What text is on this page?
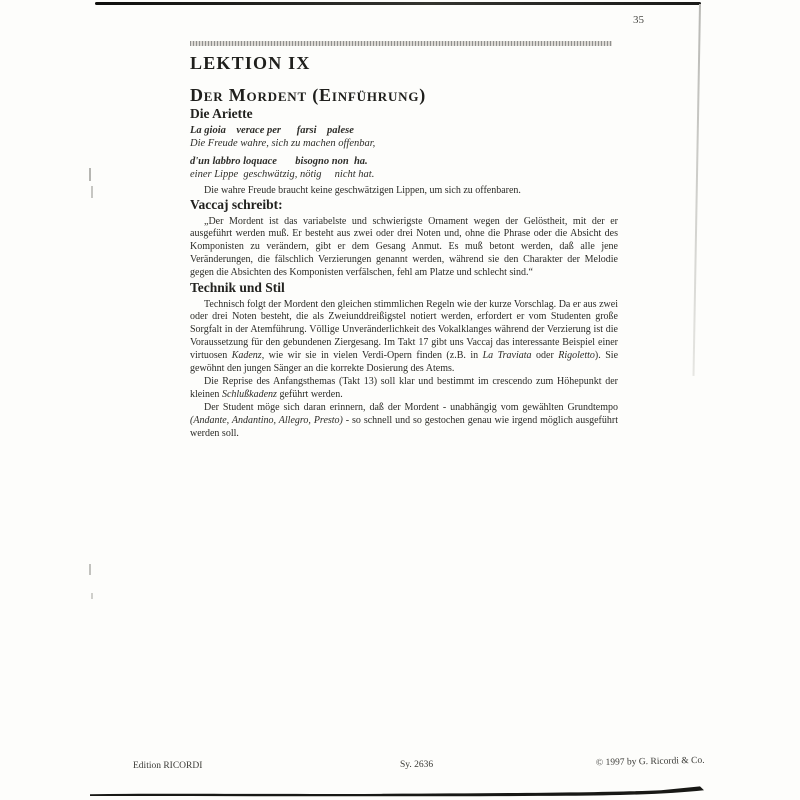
35
LEKTION IX
Der Mordent (Einführung)
Die Ariette
La gioia    verace per      farsi    palese
Die Freude wahre, sich zu machen offenbar,
d'un labbro loquace       bisogno non  ha.
einer Lippe  geschwätzig, nötig     nicht hat.

Die wahre Freude braucht keine geschwätzigen Lippen, um sich zu offenbaren.

Vaccaj schreibt:

„Der Mordent ist das variabelste und schwierigste Ornament wegen der Gelöstheit, mit der er ausgeführt werden muß. Er besteht aus zwei oder drei Noten und, ohne die Phrase oder die Absicht des Komponisten zu verändern, gibt er dem Gesang Anmut. Es muß betont werden, daß alle jene Veränderungen, die fälschlich Verzierungen genannt werden, während sie den Charakter der Melodie gegen die Absichten des Komponisten verfälschen, fehl am Platze und schlecht sind.“

Technik und Stil

Technisch folgt der Mordent den gleichen stimmlichen Regeln wie der kurze Vorschlag. Da er aus zwei oder drei Noten besteht, die als Zweiunddreißigstel notiert werden, erfordert er vom Studenten große Sorgfalt in der Atemführung. Völlige Unveränderlichkeit des Vokalklanges während der Verzierung ist die Voraussetzung für den gebundenen Ziergesang. Im Takt 17 gibt uns Vaccaj das interessante Beispiel einer virtuosen Kadenz, wie wir sie in vielen Verdi-Opern finden (z.B. in La Traviata oder Rigoletto). Sie gewöhnt den jungen Sänger an die korrekte Dosierung des Atems.

Die Reprise des Anfangsthemas (Takt 13) soll klar und bestimmt im crescendo zum Höhepunkt der kleinen Schlußkadenz geführt werden.

Der Student möge sich daran erinnern, daß der Mordent - unabhängig vom gewählten Grundtempo (Andante, Andantino, Allegro, Presto) - so schnell und so gestochen genau wie irgend möglich ausgeführt werden soll.

Edition RICORDI	Sy. 2636	© 1997 by G. Ricordi & Co.
